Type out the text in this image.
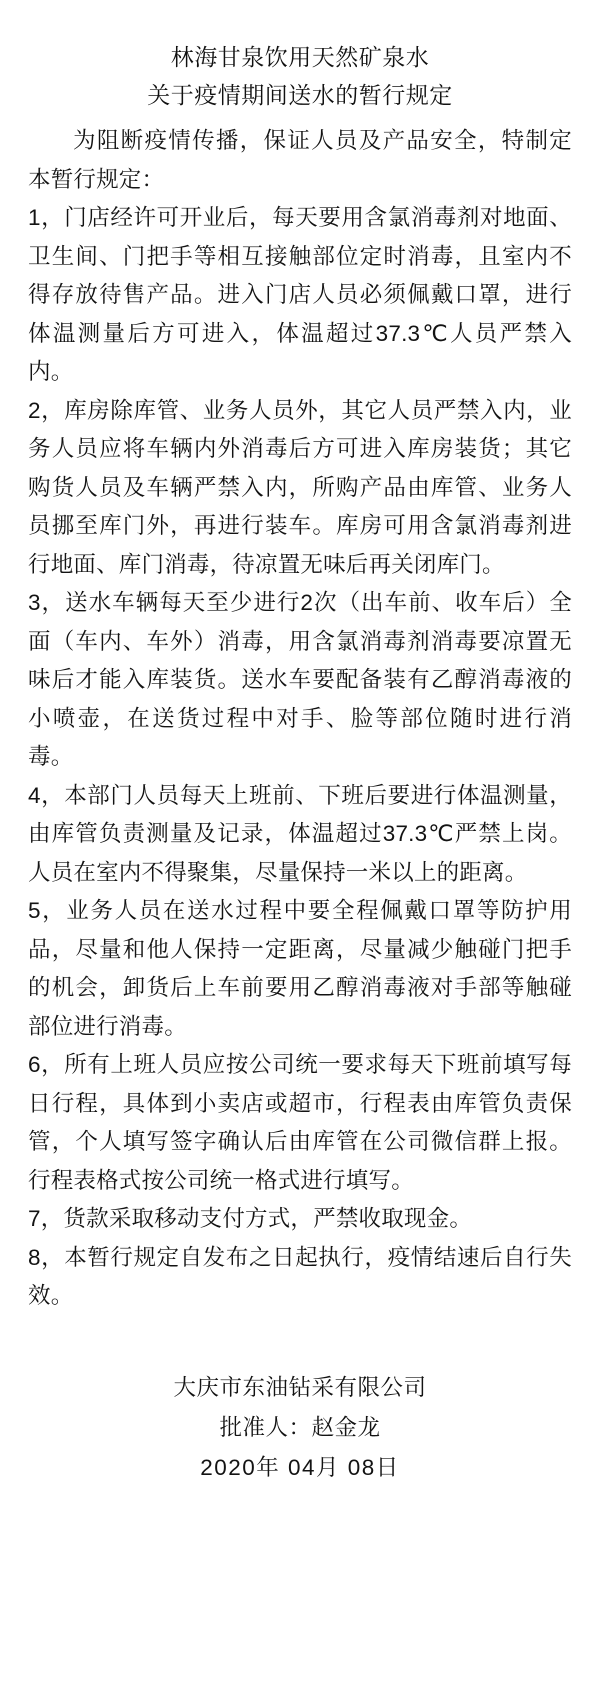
林海甘泉饮用天然矿泉水
关于疫情期间送水的暂行规定

为阻断疫情传播，保证人员及产品安全，特制定本暂行规定：

1，门店经许可开业后，每天要用含氯消毒剂对地面、卫生间、门把手等相互接触部位定时消毒，且室内不得存放待售产品。进入门店人员必须佩戴口罩，进行体温测量后方可进入，体温超过37.3℃人员严禁入内。

2，库房除库管、业务人员外，其它人员严禁入内，业务人员应将车辆内外消毒后方可进入库房装货；其它购货人员及车辆严禁入内，所购产品由库管、业务人员挪至库门外，再进行装车。库房可用含氯消毒剂进行地面、库门消毒，待凉置无味后再关闭库门。

3，送水车辆每天至少进行2次（出车前、收车后）全面（车内、车外）消毒，用含氯消毒剂消毒要凉置无味后才能入库装货。送水车要配备装有乙醇消毒液的小喷壶，在送货过程中对手、脸等部位随时进行消毒。

4，本部门人员每天上班前、下班后要进行体温测量，由库管负责测量及记录，体温超过37.3℃严禁上岗。人员在室内不得聚集，尽量保持一米以上的距离。

5，业务人员在送水过程中要全程佩戴口罩等防护用品，尽量和他人保持一定距离，尽量减少触碰门把手的机会，卸货后上车前要用乙醇消毒液对手部等触碰部位进行消毒。

6，所有上班人员应按公司统一要求每天下班前填写每日行程，具体到小卖店或超市，行程表由库管负责保管，个人填写签字确认后由库管在公司微信群上报。行程表格式按公司统一格式进行填写。

7，货款采取移动支付方式，严禁收取现金。

8，本暂行规定自发布之日起执行，疫情结速后自行失效。

大庆市东油钻采有限公司
批准人：赵金龙
2020年 04月 08日
